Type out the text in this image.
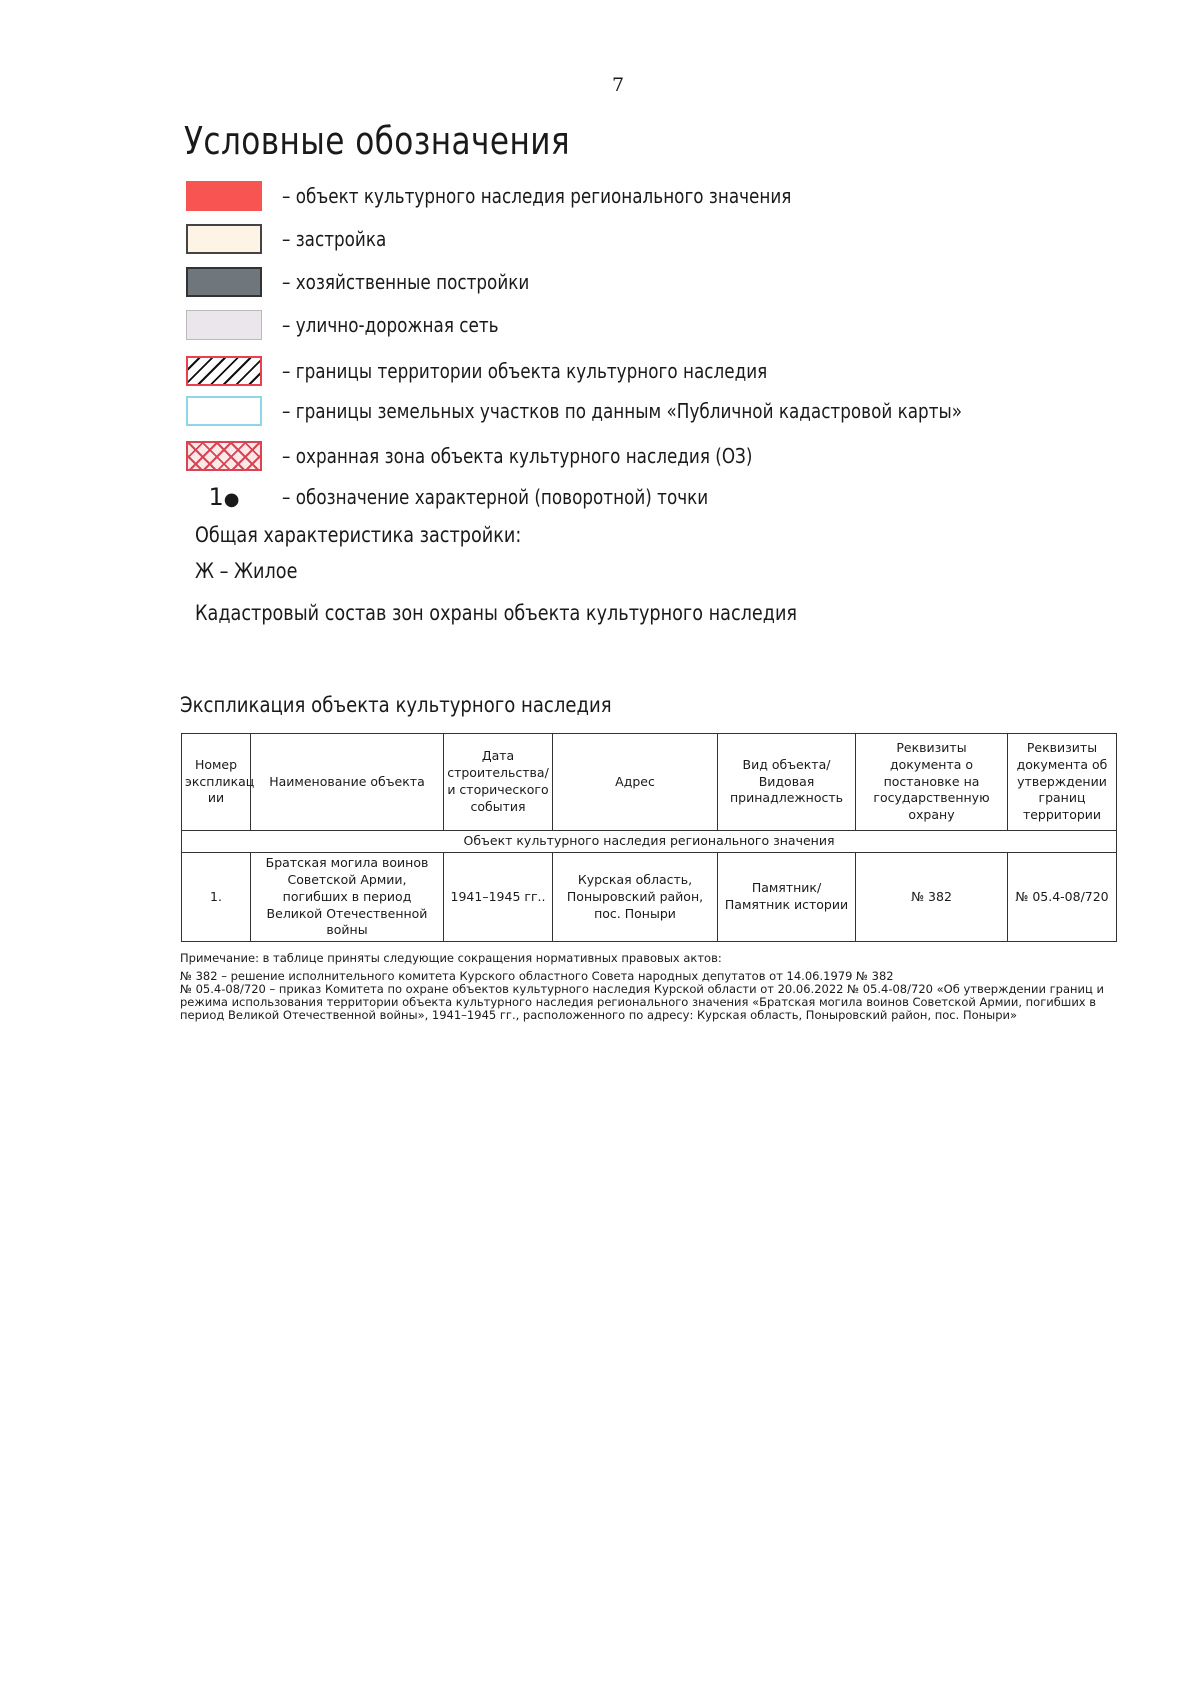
7
Условные обозначения
– объект культурного наследия регионального значения
– застройка
– хозяйственные постройки
– улично-дорожная сеть
– границы территории объекта культурного наследия
– границы земельных участков по данным «Публичной кадастровой карты»
– охранная зона объекта культурного наследия (ОЗ)
1●	– обозначение характерной (поворотной) точки
Общая характеристика застройки:
Ж – Жилое
Кадастровый состав зон охраны объекта культурного наследия
Экспликация объекта культурного наследия
Номер экспликац ии	Наименование объекта	Дата строительства/и сторического события	Адрес	Вид объекта/Видовая принадлежность	Реквизиты документа о постановке на государственную охрану	Реквизиты документа об утверждении границ территории
Объект культурного наследия регионального значения						
1.	Братская могила воинов Советской Армии, погибших в период Великой Отечественной войны	1941–1945 гг..	Курская область, Поныровский район, пос. Поныри	Памятник/Памятник истории	№ 382	№ 05.4-08/720
Примечание: в таблице приняты следующие сокращения нормативных правовых актов:
№ 382 – решение исполнительного комитета Курского областного Совета народных депутатов от 14.06.1979 № 382
№ 05.4-08/720 – приказ Комитета по охране объектов культурного наследия Курской области от 20.06.2022 № 05.4-08/720 «Об утверждении границ и режима использования территории объекта культурного наследия регионального значения «Братская могила воинов Советской Армии, погибших в период Великой Отечественной войны», 1941–1945 гг., расположенного по адресу: Курская область, Поныровский район, пос. Поныри»
